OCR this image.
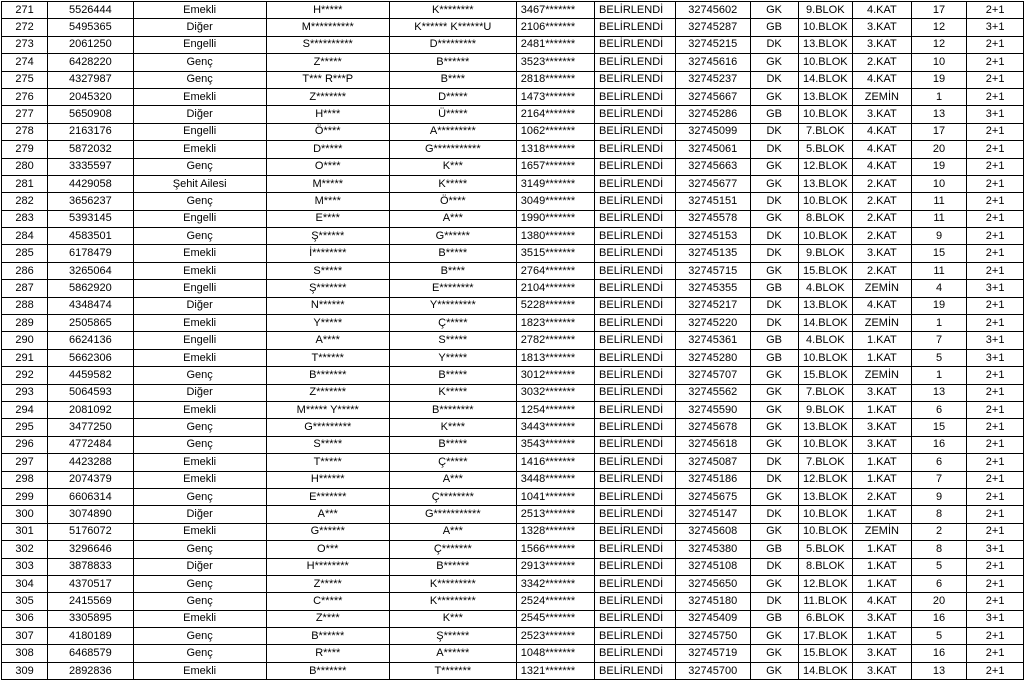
271	5526444	Emekli	H*****	K********	3467*******	BELİRLENDİ	32745602	GK	9.BLOK	4.KAT	17	2+1
272	5495365	Diğer	M**********	K****** K******U	2106*******	BELİRLENDİ	32745287	GB	10.BLOK	3.KAT	12	3+1
273	2061250	Engelli	S**********	D*********	2481*******	BELİRLENDİ	32745215	DK	13.BLOK	3.KAT	12	2+1
274	6428220	Genç	Z*****	B******	3523*******	BELİRLENDİ	32745616	GK	10.BLOK	2.KAT	10	2+1
275	4327987	Genç	T*** R***P	B****	2818*******	BELİRLENDİ	32745237	DK	14.BLOK	4.KAT	19	2+1
276	2045320	Emekli	Z*******	D*****	1473*******	BELİRLENDİ	32745667	GK	13.BLOK	ZEMİN	1	2+1
277	5650908	Diğer	H****	Ü*****	2164*******	BELİRLENDİ	32745286	GB	10.BLOK	3.KAT	13	3+1
278	2163176	Engelli	Ö****	A*********	1062*******	BELİRLENDİ	32745099	DK	7.BLOK	4.KAT	17	2+1
279	5872032	Emekli	D*****	G***********	1318*******	BELİRLENDİ	32745061	DK	5.BLOK	4.KAT	20	2+1
280	3335597	Genç	O****	K***	1657*******	BELİRLENDİ	32745663	GK	12.BLOK	4.KAT	19	2+1
281	4429058	Şehit Ailesi	M*****	K*****	3149*******	BELİRLENDİ	32745677	GK	13.BLOK	2.KAT	10	2+1
282	3656237	Genç	M****	Ö****	3049*******	BELİRLENDİ	32745151	DK	10.BLOK	2.KAT	11	2+1
283	5393145	Engelli	E****	A***	1990*******	BELİRLENDİ	32745578	GK	8.BLOK	2.KAT	11	2+1
284	4583501	Genç	Ş******	G******	1380*******	BELİRLENDİ	32745153	DK	10.BLOK	2.KAT	9	2+1
285	6178479	Emekli	İ********	B*****	3515*******	BELİRLENDİ	32745135	DK	9.BLOK	3.KAT	15	2+1
286	3265064	Emekli	S*****	B****	2764*******	BELİRLENDİ	32745715	GK	15.BLOK	2.KAT	11	2+1
287	5862920	Engelli	Ş*******	E********	2104*******	BELİRLENDİ	32745355	GB	4.BLOK	ZEMİN	4	3+1
288	4348474	Diğer	N******	Y*********	5228*******	BELİRLENDİ	32745217	DK	13.BLOK	4.KAT	19	2+1
289	2505865	Emekli	Y*****	Ç*****	1823*******	BELİRLENDİ	32745220	DK	14.BLOK	ZEMİN	1	2+1
290	6624136	Engelli	A****	S*****	2782*******	BELİRLENDİ	32745361	GB	4.BLOK	1.KAT	7	3+1
291	5662306	Emekli	T******	Y*****	1813*******	BELİRLENDİ	32745280	GB	10.BLOK	1.KAT	5	3+1
292	4459582	Genç	B*******	B*****	3012*******	BELİRLENDİ	32745707	GK	15.BLOK	ZEMİN	1	2+1
293	5064593	Diğer	Z*******	K*****	3032*******	BELİRLENDİ	32745562	GK	7.BLOK	3.KAT	13	2+1
294	2081092	Emekli	M***** Y*****	B********	1254*******	BELİRLENDİ	32745590	GK	9.BLOK	1.KAT	6	2+1
295	3477250	Genç	G*********	K****	3443*******	BELİRLENDİ	32745678	GK	13.BLOK	3.KAT	15	2+1
296	4772484	Genç	S*****	B*****	3543*******	BELİRLENDİ	32745618	GK	10.BLOK	3.KAT	16	2+1
297	4423288	Emekli	T*****	Ç*****	1416*******	BELİRLENDİ	32745087	DK	7.BLOK	1.KAT	6	2+1
298	2074379	Emekli	H******	A***	3448*******	BELİRLENDİ	32745186	DK	12.BLOK	1.KAT	7	2+1
299	6606314	Genç	E*******	Ç********	1041*******	BELİRLENDİ	32745675	GK	13.BLOK	2.KAT	9	2+1
300	3074890	Diğer	A***	G***********	2513*******	BELİRLENDİ	32745147	DK	10.BLOK	1.KAT	8	2+1
301	5176072	Emekli	G******	A***	1328*******	BELİRLENDİ	32745608	GK	10.BLOK	ZEMİN	2	2+1
302	3296646	Genç	O***	Ç*******	1566*******	BELİRLENDİ	32745380	GB	5.BLOK	1.KAT	8	3+1
303	3878833	Diğer	H********	B******	2913*******	BELİRLENDİ	32745108	DK	8.BLOK	1.KAT	5	2+1
304	4370517	Genç	Z*****	K*********	3342*******	BELİRLENDİ	32745650	GK	12.BLOK	1.KAT	6	2+1
305	2415569	Genç	C*****	K*********	2524*******	BELİRLENDİ	32745180	DK	11.BLOK	4.KAT	20	2+1
306	3305895	Emekli	Z****	K***	2545*******	BELİRLENDİ	32745409	GB	6.BLOK	3.KAT	16	3+1
307	4180189	Genç	B******	Ş******	2523*******	BELİRLENDİ	32745750	GK	17.BLOK	1.KAT	5	2+1
308	6468579	Genç	R****	A******	1048*******	BELİRLENDİ	32745719	GK	15.BLOK	3.KAT	16	2+1
309	2892836	Emekli	B*******	T*******	1321*******	BELİRLENDİ	32745700	GK	14.BLOK	3.KAT	13	2+1
